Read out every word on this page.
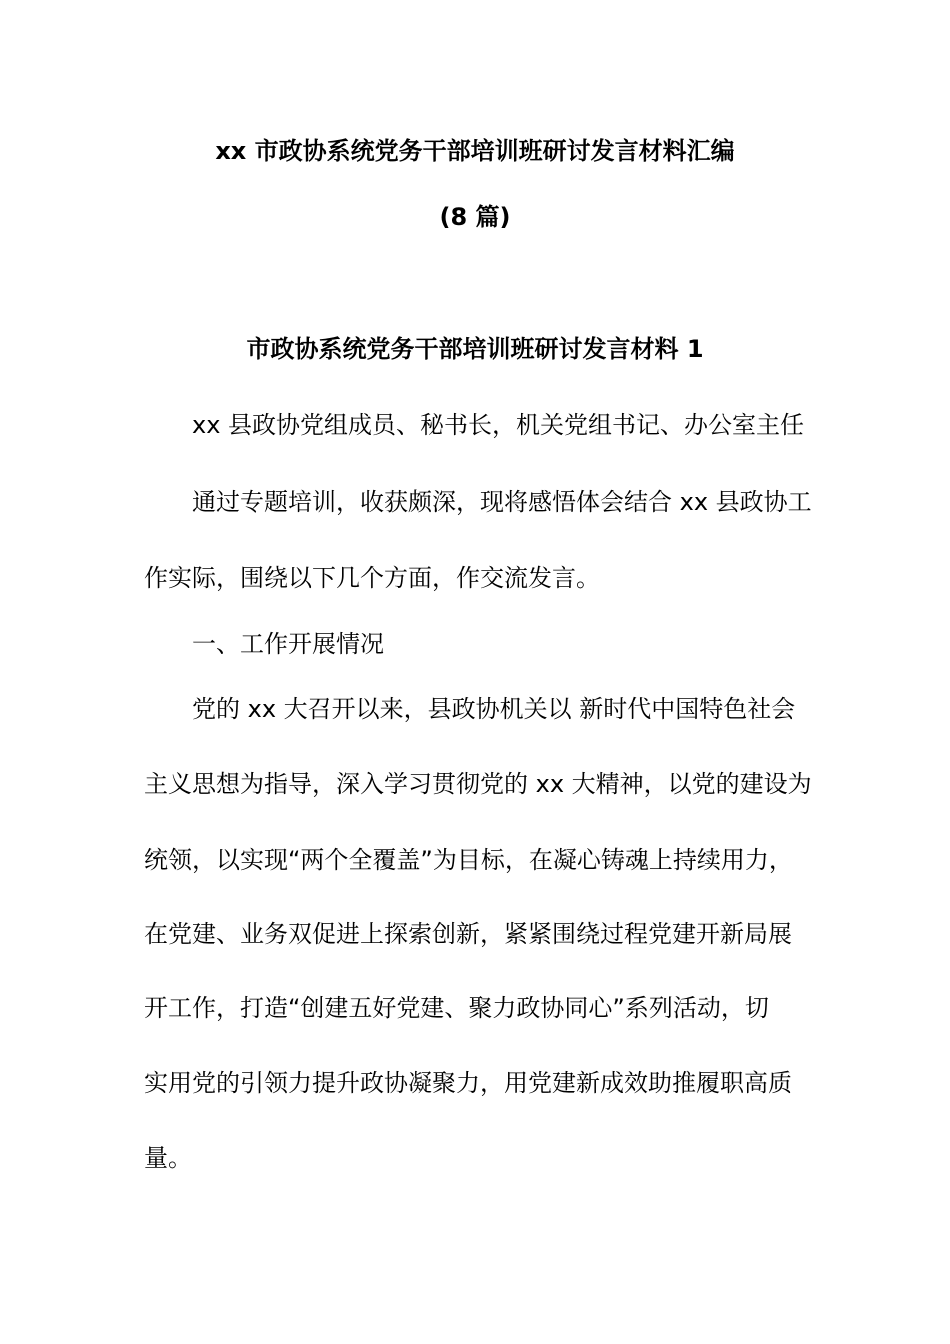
xx 市政协系统党务干部培训班研讨发言材料汇编
(8 篇)
市政协系统党务干部培训班研讨发言材料 1
xx 县政协党组成员、秘书长，机关党组书记、办公室主任
通过专题培训，收获颇深，现将感悟体会结合 xx 县政协工
作实际，围绕以下几个方面，作交流发言。
一、工作开展情况
党的 xx 大召开以来，县政协机关以 新时代中国特色社会
主义思想为指导，深入学习贯彻党的 xx 大精神，以党的建设为
统领，以实现“两个全覆盖”为目标，在凝心铸魂上持续用力，
在党建、业务双促进上探索创新，紧紧围绕过程党建开新局展
开工作，打造“创建五好党建、聚力政协同心”系列活动，切
实用党的引领力提升政协凝聚力，用党建新成效助推履职高质
量。
